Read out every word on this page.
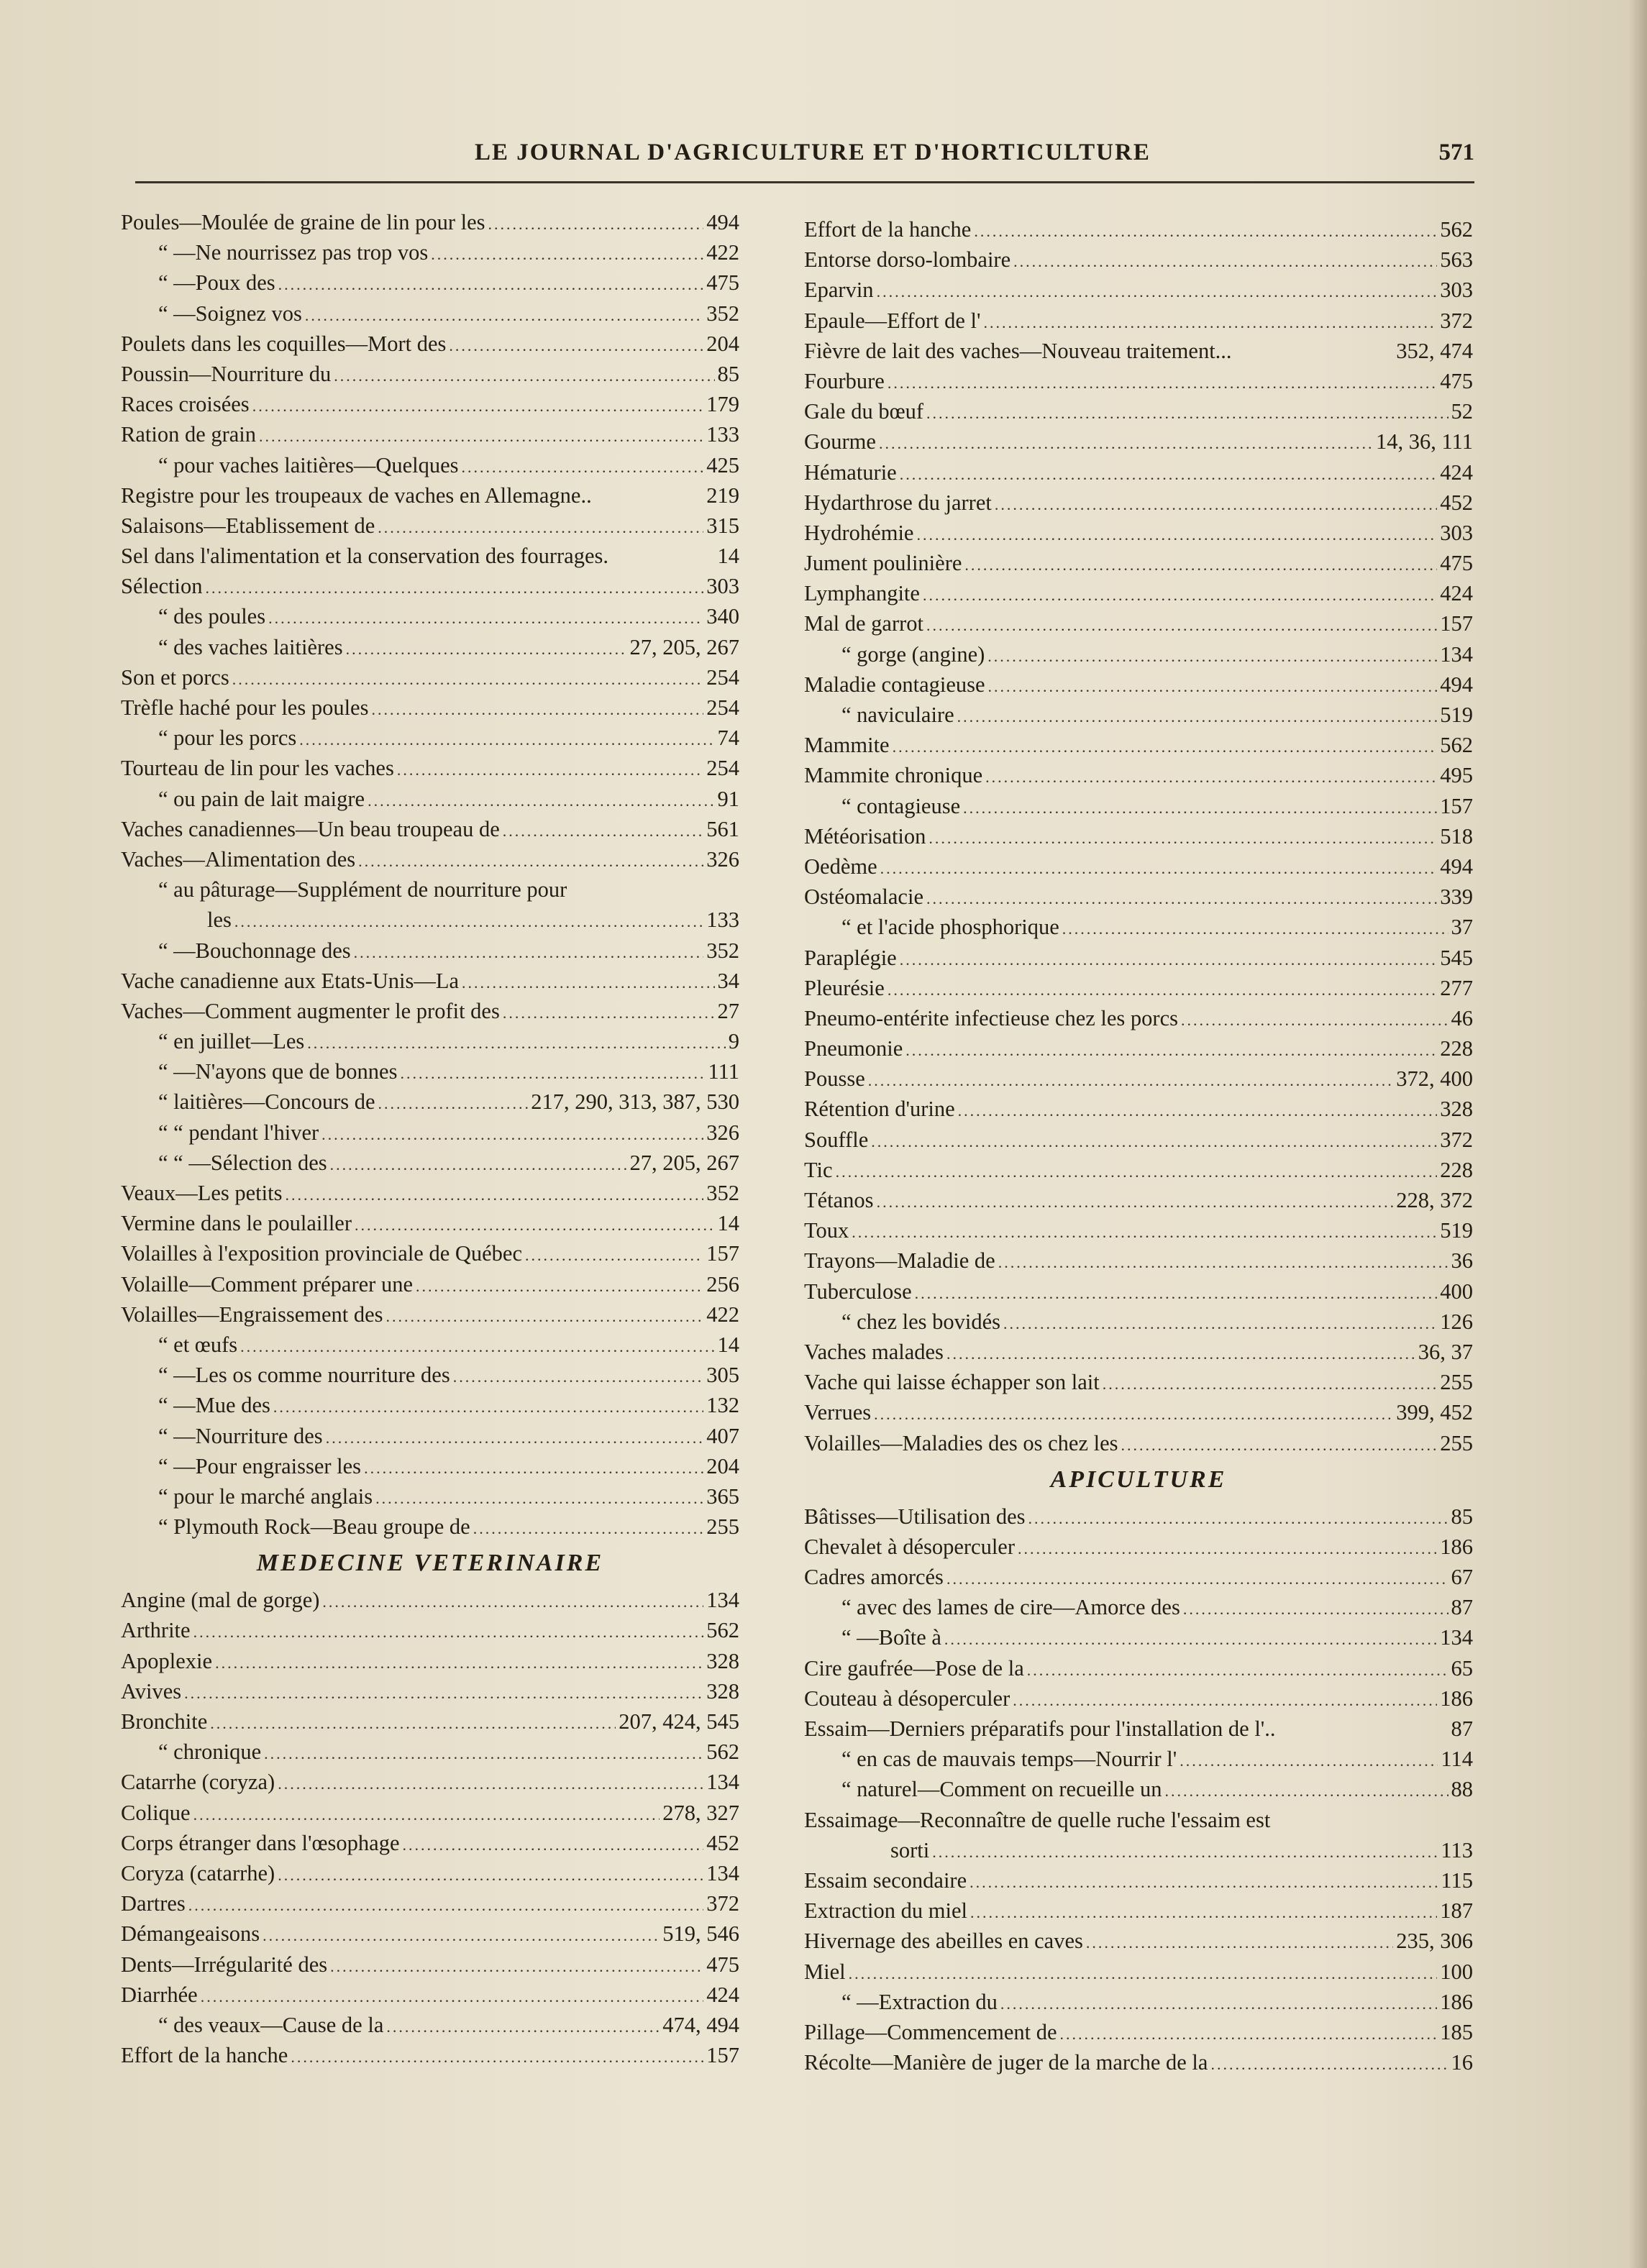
LE JOURNAL D'AGRICULTURE ET D'HORTICULTURE	571
Poules—Moulée de graine de lin pour les .....	494
“ —Ne nourrissez pas trop vos .....	422
“ —Poux des .....	475
“ —Soignez vos .....	352
Poulets dans les coquilles—Mort des .....	204
Poussin—Nourriture du .....	85
Races croisées .....	179
Ration de grain .....	133
“ pour vaches laitières—Quelques .....	425
Registre pour les troupeaux de vaches en Allemagne..	219
Salaisons—Etablissement de .....	315
Sel dans l'alimentation et la conservation des fourrages.	14
Sélection .....	303
“ des poules .....	340
“ des vaches laitières .....	27, 205, 267
Son et porcs .....	254
Trèfle haché pour les poules .....	254
“ pour les porcs .....	74
Tourteau de lin pour les vaches .....	254
“ ou pain de lait maigre .....	91
Vaches canadiennes—Un beau troupeau de .....	561
Vaches—Alimentation des .....	326
“ au pâturage—Supplément de nourriture pour
les .....	133
“ —Bouchonnage des .....	352
Vache canadienne aux Etats-Unis—La .....	34
Vaches—Comment augmenter le profit des .....	27
“ en juillet—Les .....	9
“ —N'ayons que de bonnes .....	111
“ laitières—Concours de .....	217, 290, 313, 387, 530
“ “ pendant l'hiver .....	326
“ “ —Sélection des .....	27, 205, 267
Veaux—Les petits .....	352
Vermine dans le poulailler .....	14
Volailles à l'exposition provinciale de Québec .....	157
Volaille—Comment préparer une .....	256
Volailles—Engraissement des .....	422
“ et œufs .....	14
“ —Les os comme nourriture des .....	305
“ —Mue des .....	132
“ —Nourriture des .....	407
“ —Pour engraisser les .....	204
“ pour le marché anglais .....	365
“ Plymouth Rock—Beau groupe de .....	255
MEDECINE VETERINAIRE
Angine (mal de gorge) .....	134
Arthrite .....	562
Apoplexie .....	328
Avives .....	328
Bronchite .....	207, 424, 545
“ chronique .....	562
Catarrhe (coryza) .....	134
Colique .....	278, 327
Corps étranger dans l'œsophage .....	452
Coryza (catarrhe) .....	134
Dartres .....	372
Démangeaisons .....	519, 546
Dents—Irrégularité des .....	475
Diarrhée .....	424
“ des veaux—Cause de la .....	474, 494
Effort de la hanche .....	157
Effort de la hanche .....	562
Entorse dorso-lombaire .....	563
Eparvin .....	303
Epaule—Effort de l' .....	372
Fièvre de lait des vaches—Nouveau traitement...	352, 474
Fourbure .....	475
Gale du bœuf .....	52
Gourme .....	14, 36, 111
Hématurie .....	424
Hydarthrose du jarret .....	452
Hydrohémie .....	303
Jument poulinière .....	475
Lymphangite .....	424
Mal de garrot .....	157
“ gorge (angine) .....	134
Maladie contagieuse .....	494
“ naviculaire .....	519
Mammite .....	562
Mammite chronique .....	495
“ contagieuse .....	157
Météorisation .....	518
Oedème .....	494
Ostéomalacie .....	339
“ et l'acide phosphorique .....	37
Paraplégie .....	545
Pleurésie .....	277
Pneumo-entérite infectieuse chez les porcs .....	46
Pneumonie .....	228
Pousse .....	372, 400
Rétention d'urine .....	328
Souffle .....	372
Tic .....	228
Tétanos .....	228, 372
Toux .....	519
Trayons—Maladie de .....	36
Tuberculose .....	400
“ chez les bovidés .....	126
Vaches malades .....	36, 37
Vache qui laisse échapper son lait .....	255
Verrues .....	399, 452
Volailles—Maladies des os chez les .....	255
APICULTURE
Bâtisses—Utilisation des .....	85
Chevalet à désoperculer .....	186
Cadres amorcés .....	67
“ avec des lames de cire—Amorce des .....	87
“ —Boîte à .....	134
Cire gaufrée—Pose de la .....	65
Couteau à désoperculer .....	186
Essaim—Derniers préparatifs pour l'installation de l'..	87
“ en cas de mauvais temps—Nourrir l' .....	114
“ naturel—Comment on recueille un .....	88
Essaimage—Reconnaître de quelle ruche l'essaim est
sorti .....	113
Essaim secondaire .....	115
Extraction du miel .....	187
Hivernage des abeilles en caves .....	235, 306
Miel .....	100
“ —Extraction du .....	186
Pillage—Commencement de .....	185
Récolte—Manière de juger de la marche de la .....	16
